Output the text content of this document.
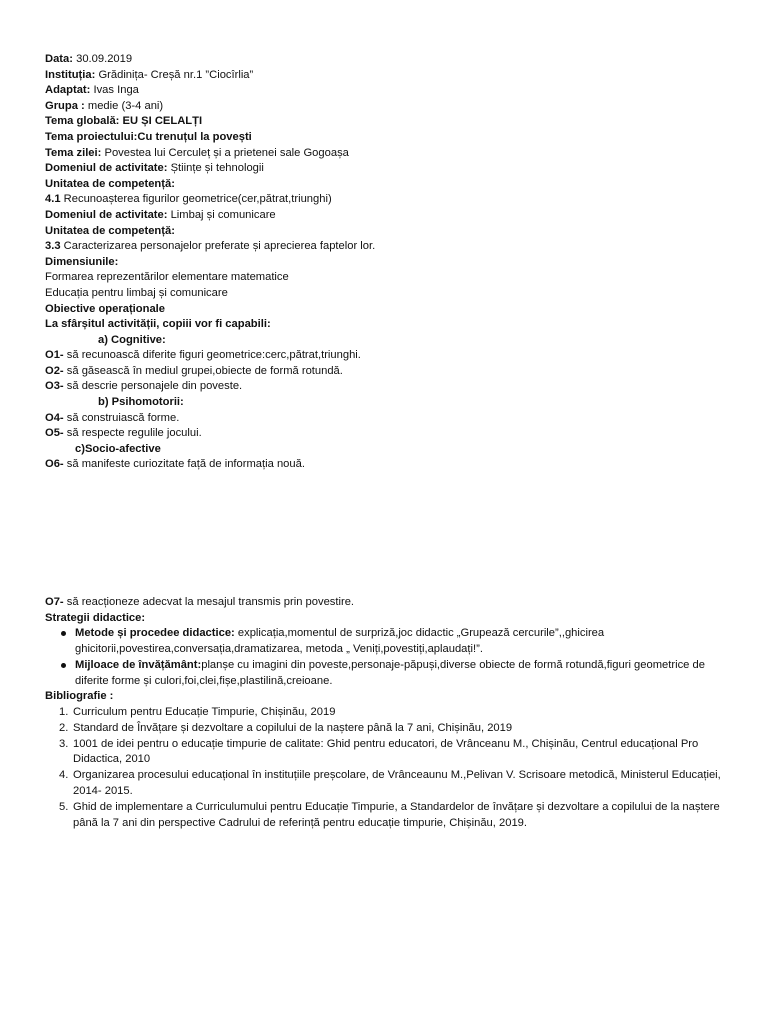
Data: 30.09.2019
Instituția: Grădinița- Creșă nr.1 ”Ciocîrlia”
Adaptat: Ivas Inga
Grupa : medie (3-4 ani)
Tema globală: EU ȘI CELALȚI
Tema proiectului:Cu trenuțul la povești
Tema zilei: Povestea lui Cerculeț și a prietenei sale Gogoașa
Domeniul de activitate: Științe și tehnologii
Unitatea de competență:
4.1 Recunoașterea figurilor geometrice(cer,pătrat,triunghi)
Domeniul de activitate: Limbaj și comunicare
Unitatea de competență:
3.3 Caracterizarea personajelor preferate și aprecierea faptelor lor.
Dimensiunile:
Formarea reprezentărilor elementare matematice
Educația pentru limbaj și comunicare
Obiective operaționale
La sfârșitul activității, copiii vor fi capabili:
a) Cognitive:
O1- să recunoască diferite figuri geometrice:cerc,pătrat,triunghi.
O2- să găsească în mediul grupei,obiecte de formă rotundă.
O3- să descrie personajele din poveste.
b) Psihomotorii:
O4- să construiască forme.
O5- să respecte regulile jocului.
c)Socio-afective
O6- să manifeste curiozitate față de informația nouă.
O7- să reacționeze adecvat la mesajul transmis prin povestire.
Strategii didactice:
Metode și procedee didactice: explicația,momentul de surpriză,joc didactic „Grupează cercurile”,,ghicirea ghicitorii,povestirea,conversația,dramatizarea, metoda „ Veniți,povestiți,aplaudați!”.
Mijloace de învățământ:planșe cu imagini din poveste,personaje-păpuși,diverse obiecte de formă rotundă,figuri geometrice de diferite forme și culori,foi,clei,fișe,plastilină,creioane.
Bibliografie :
1. Curriculum pentru Educație Timpurie, Chișinău, 2019
2. Standard de Învățare și dezvoltare a copilului de la naștere până la 7 ani, Chișinău, 2019
3. 1001 de idei pentru o educație timpurie de calitate: Ghid pentru educatori, de Vrânceanu M., Chișinău, Centrul educațional Pro Didactica, 2010
4. Organizarea procesului educațional în instituțiile preșcolare, de Vrânceaunu M.,Pelivan V. Scrisoare metodică, Ministerul Educației, 2014- 2015.
5. Ghid de implementare a Curriculumului pentru Educație Timpurie, a Standardelor de învățare și dezvoltare a copilului de la naștere până la 7 ani din perspective Cadrului de referință pentru educație timpurie, Chișinău, 2019.
